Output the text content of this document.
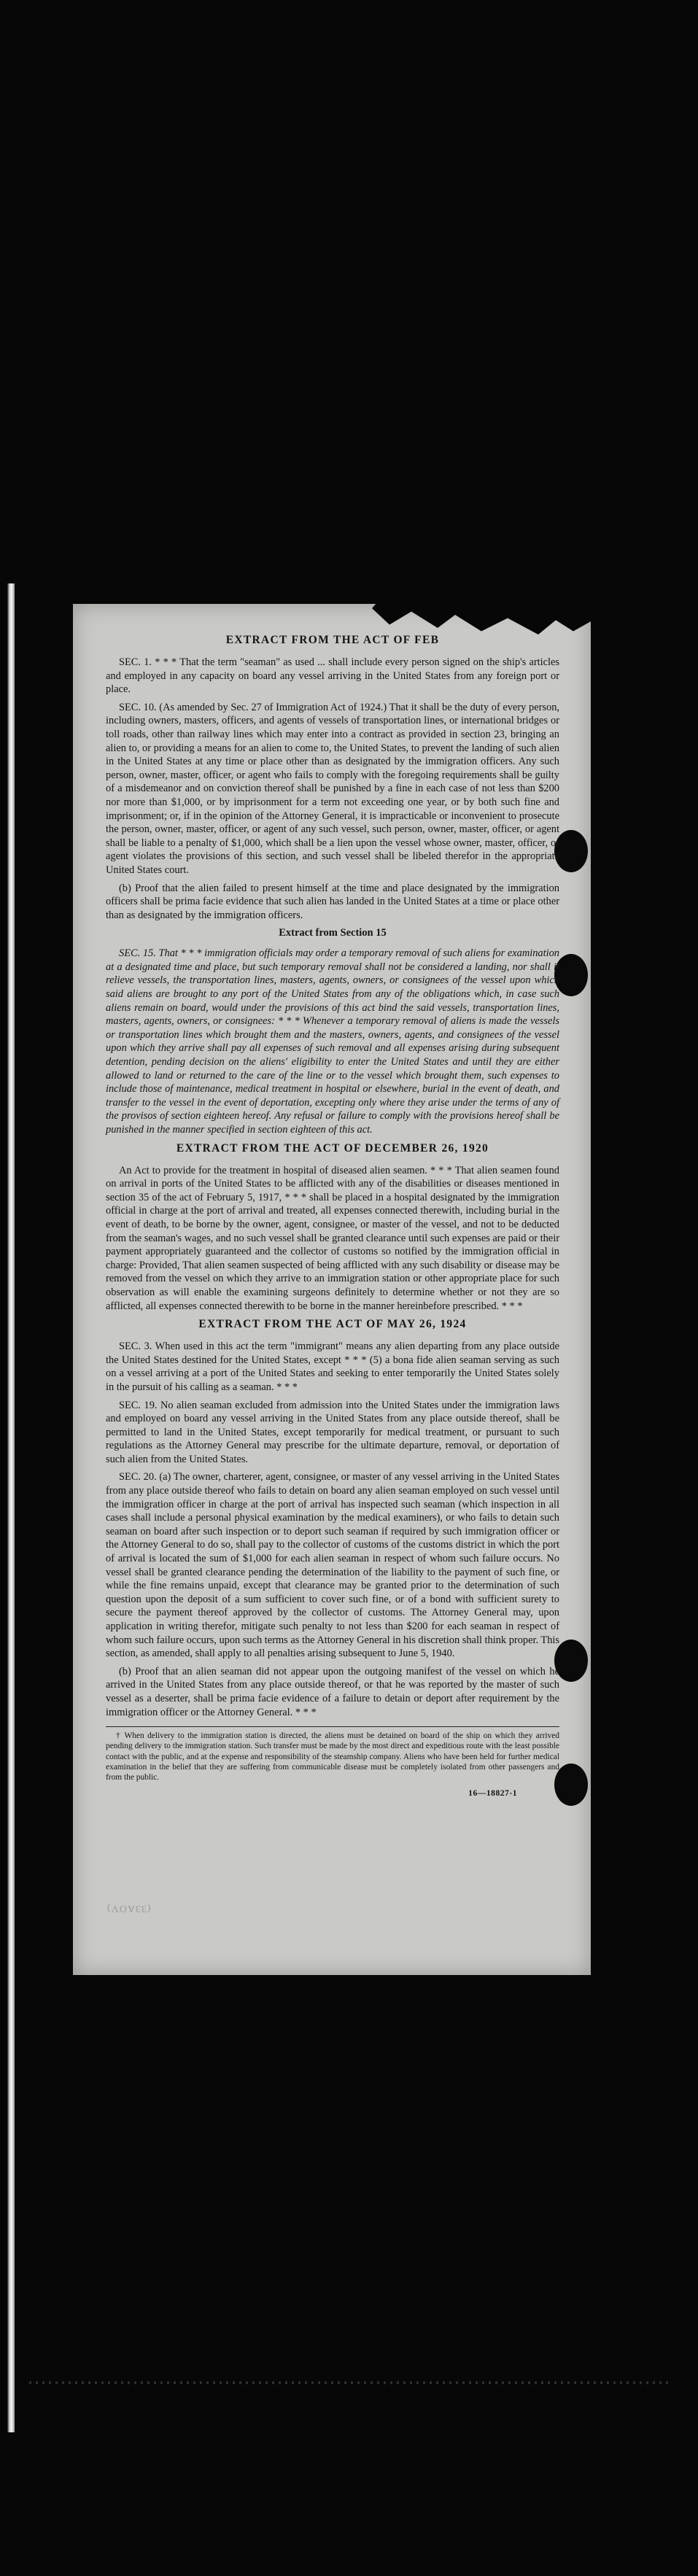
EXTRACT FROM THE ACT OF FEB

SEC. 1. * * * That the term "seaman" as used ... shall include every person signed on the ship's articles and employed in any capacity on board any vessel arriving in the United States from any foreign port or place.

SEC. 10. (As amended by Sec. 27 of Immigration Act of 1924.) That it shall be the duty of every person, including owners, masters, officers, and agents of vessels of transportation lines, or international bridges or toll roads, other than railway lines which may enter into a contract as provided in section 23, bringing an alien to, or providing a means for an alien to come to, the United States, to prevent the landing of such alien in the United States at any time or place other than as designated by the immigration officers. Any such person, owner, master, officer, or agent who fails to comply with the foregoing requirements shall be guilty of a misdemeanor and on conviction thereof shall be punished by a fine in each case of not less than $200 nor more than $1,000, or by imprisonment for a term not exceeding one year, or by both such fine and imprisonment; or, if in the opinion of the Attorney General, it is impracticable or inconvenient to prosecute the person, owner, master, officer, or agent of any such vessel, such person, owner, master, officer, or agent shall be liable to a penalty of $1,000, which shall be a lien upon the vessel whose owner, master, officer, or agent violates the provisions of this section, and such vessel shall be libeled therefor in the appropriate United States court.

(b) Proof that the alien failed to present himself at the time and place designated by the immigration officers shall be prima facie evidence that such alien has landed in the United States at a time or place other than as designated by the immigration officers.

Extract from Section 15

SEC. 15. That * * * immigration officials may order a temporary removal of such aliens for examination at a designated time and place, but such temporary removal shall not be considered a landing, nor shall it relieve vessels, the transportation lines, masters, agents, owners, or consignees of the vessel upon which said aliens are brought to any port of the United States from any of the obligations which, in case such aliens remain on board, would under the provisions of this act bind the said vessels, transportation lines, masters, agents, owners, or consignees: * * * Whenever a temporary removal of aliens is made the vessels or transportation lines which brought them and the masters, owners, agents, and consignees of the vessel upon which they arrive shall pay all expenses of such removal and all expenses arising during subsequent detention, pending decision on the aliens' eligibility to enter the United States and until they are either allowed to land or returned to the care of the line or to the vessel which brought them, such expenses to include those of maintenance, medical treatment in hospital or elsewhere, burial in the event of death, and transfer to the vessel in the event of deportation, excepting only where they arise under the terms of any of the provisos of section eighteen hereof. Any refusal or failure to comply with the provisions hereof shall be punished in the manner specified in section eighteen of this act.

EXTRACT FROM THE ACT OF DECEMBER 26, 1920

An Act to provide for the treatment in hospital of diseased alien seamen. * * * That alien seamen found on arrival in ports of the United States to be afflicted with any of the disabilities or diseases mentioned in section 35 of the act of February 5, 1917, * * * shall be placed in a hospital designated by the immigration official in charge at the port of arrival and treated, all expenses connected therewith, including burial in the event of death, to be borne by the owner, agent, consignee, or master of the vessel, and not to be deducted from the seaman's wages, and no such vessel shall be granted clearance until such expenses are paid or their payment appropriately guaranteed and the collector of customs so notified by the immigration official in charge: Provided, That alien seamen suspected of being afflicted with any such disability or disease may be removed from the vessel on which they arrive to an immigration station or other appropriate place for such observation as will enable the examining surgeons definitely to determine whether or not they are so afflicted, all expenses connected therewith to be borne in the manner hereinbefore prescribed. * * *

EXTRACT FROM THE ACT OF MAY 26, 1924

SEC. 3. When used in this act the term "immigrant" means any alien departing from any place outside the United States destined for the United States, except * * * (5) a bona fide alien seaman serving as such on a vessel arriving at a port of the United States and seeking to enter temporarily the United States solely in the pursuit of his calling as a seaman. * * *

SEC. 19. No alien seaman excluded from admission into the United States under the immigration laws and employed on board any vessel arriving in the United States from any place outside thereof, shall be permitted to land in the United States, except temporarily for medical treatment, or pursuant to such regulations as the Attorney General may prescribe for the ultimate departure, removal, or deportation of such alien from the United States.

SEC. 20. (a) The owner, charterer, agent, consignee, or master of any vessel arriving in the United States from any place outside thereof who fails to detain on board any alien seaman employed on such vessel until the immigration officer in charge at the port of arrival has inspected such seaman (which inspection in all cases shall include a personal physical examination by the medical examiners), or who fails to detain such seaman on board after such inspection or to deport such seaman if required by such immigration officer or the Attorney General to do so, shall pay to the collector of customs of the customs district in which the port of arrival is located the sum of $1,000 for each alien seaman in respect of whom such failure occurs. No vessel shall be granted clearance pending the determination of the liability to the payment of such fine, or while the fine remains unpaid, except that clearance may be granted prior to the determination of such question upon the deposit of a sum sufficient to cover such fine, or of a bond with sufficient surety to secure the payment thereof approved by the collector of customs. The Attorney General may, upon application in writing therefor, mitigate such penalty to not less than $200 for each seaman in respect of whom such failure occurs, upon such terms as the Attorney General in his discretion shall think proper. This section, as amended, shall apply to all penalties arising subsequent to June 5, 1940.

(b) Proof that an alien seaman did not appear upon the outgoing manifest of the vessel on which he arrived in the United States from any place outside thereof, or that he was reported by the master of such vessel as a deserter, shall be prima facie evidence of a failure to detain or deport after requirement by the immigration officer or the Attorney General. * * *

† When delivery to the immigration station is directed, the aliens must be detained on board of the ship on which they arrived pending delivery to the immigration station. Such transfer must be made by the most direct and expeditious route with the least possible contact with the public, and at the expense and responsibility of the steamship company. Aliens who have been held for further medical examination in the belief that they are suffering from communicable disease must be completely isolated from other passengers and from the public.

16—18827-1
(33AOV)
